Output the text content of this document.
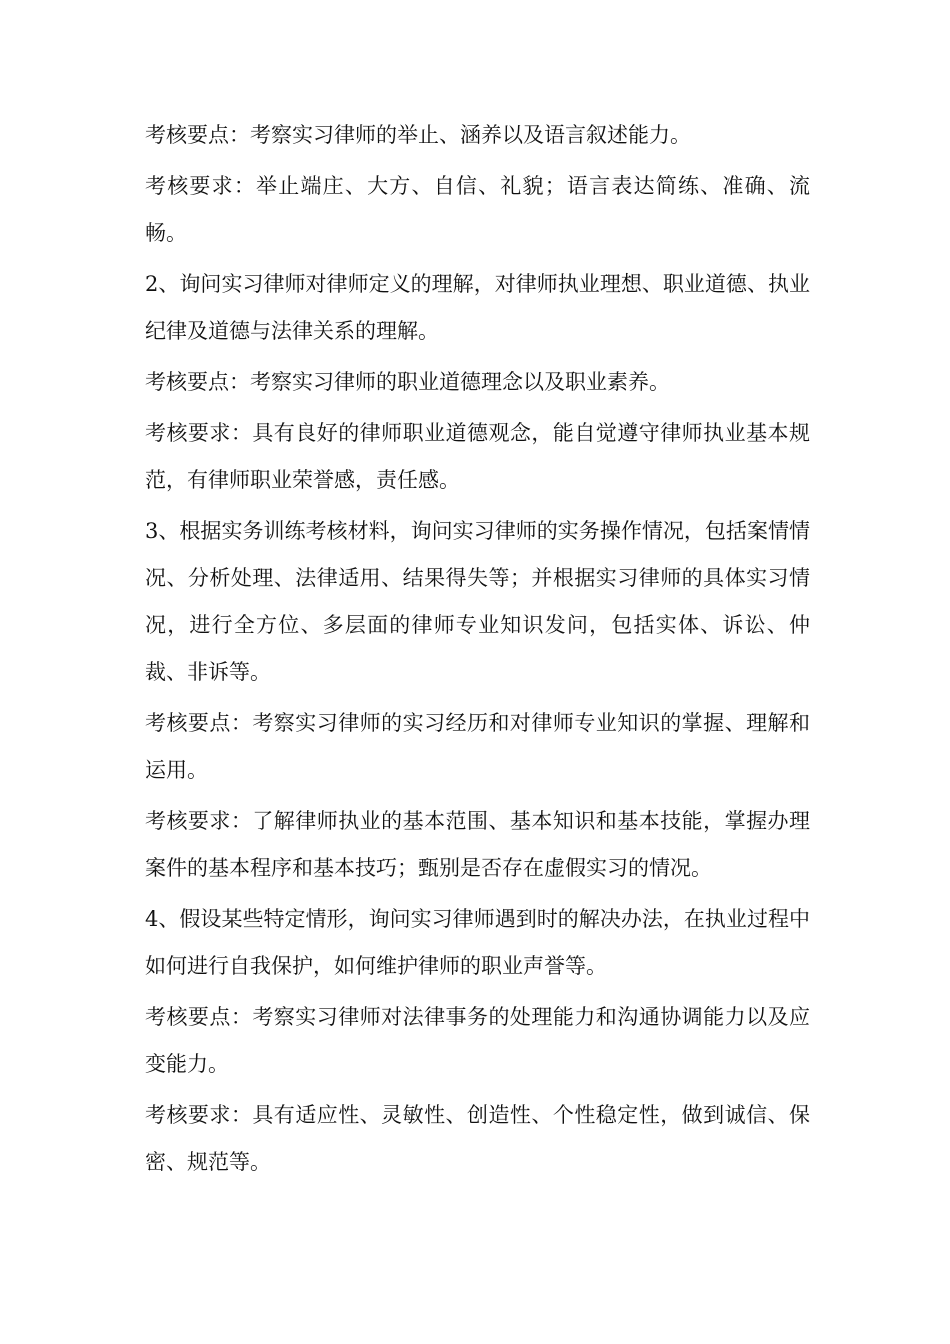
考核要点：考察实习律师的举止、涵养以及语言叙述能力。

考核要求：举止端庄、大方、自信、礼貌；语言表达简练、准确、流畅。

2、询问实习律师对律师定义的理解，对律师执业理想、职业道德、执业纪律及道德与法律关系的理解。

考核要点：考察实习律师的职业道德理念以及职业素养。

考核要求：具有良好的律师职业道德观念，能自觉遵守律师执业基本规范，有律师职业荣誉感，责任感。

3、根据实务训练考核材料，询问实习律师的实务操作情况，包括案情情况、分析处理、法律适用、结果得失等；并根据实习律师的具体实习情况，进行全方位、多层面的律师专业知识发问，包括实体、诉讼、仲裁、非诉等。

考核要点：考察实习律师的实习经历和对律师专业知识的掌握、理解和运用。

考核要求：了解律师执业的基本范围、基本知识和基本技能，掌握办理案件的基本程序和基本技巧；甄别是否存在虚假实习的情况。

4、假设某些特定情形，询问实习律师遇到时的解决办法，在执业过程中如何进行自我保护，如何维护律师的职业声誉等。

考核要点：考察实习律师对法律事务的处理能力和沟通协调能力以及应变能力。

考核要求：具有适应性、灵敏性、创造性、个性稳定性，做到诚信、保密、规范等。
